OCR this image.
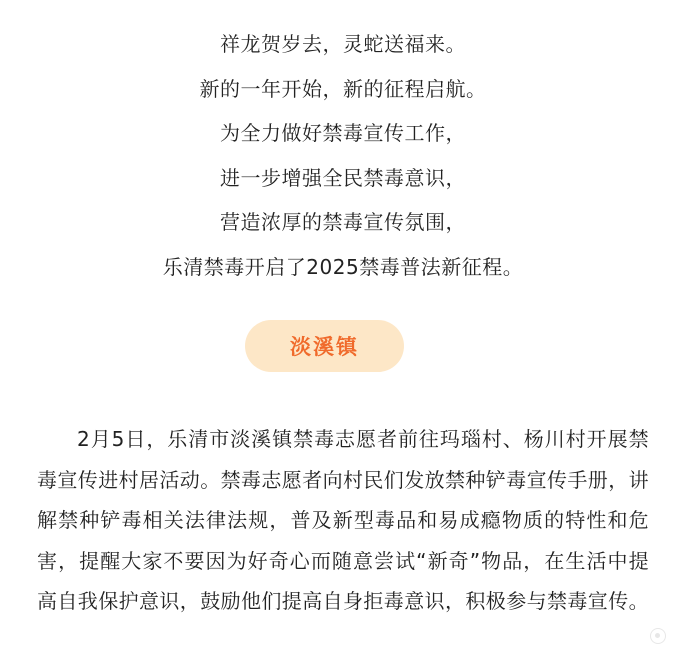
祥龙贺岁去，灵蛇送福来。
新的一年开始，新的征程启航。
为全力做好禁毒宣传工作，
进一步增强全民禁毒意识，
营造浓厚的禁毒宣传氛围，
乐清禁毒开启了2025禁毒普法新征程。
淡溪镇

2月5日，乐清市淡溪镇禁毒志愿者前往玛瑙村、杨川村开展禁毒宣传进村居活动。禁毒志愿者向村民们发放禁种铲毒宣传手册，讲解禁种铲毒相关法律法规，普及新型毒品和易成瘾物质的特性和危害，提醒大家不要因为好奇心而随意尝试“新奇”物品，在生活中提高自我保护意识，鼓励他们提高自身拒毒意识，积极参与禁毒宣传。
